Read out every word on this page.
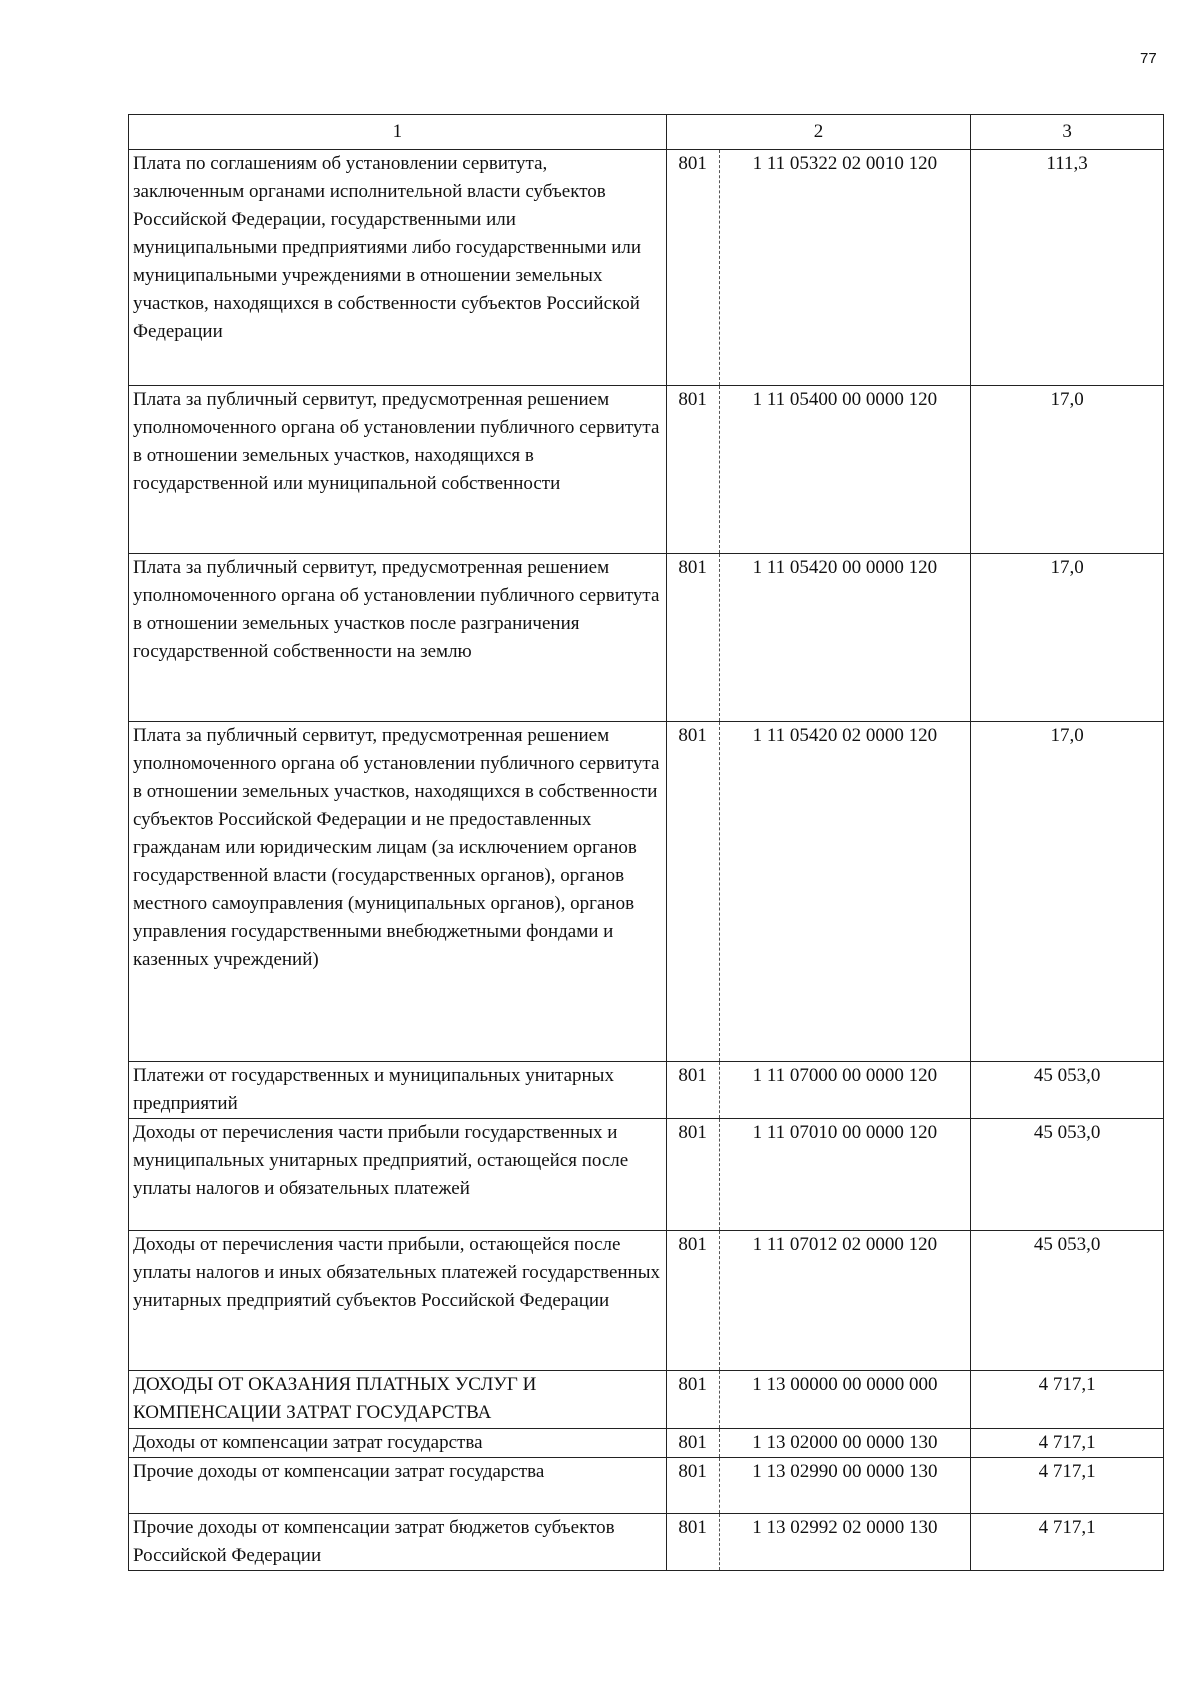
77
1	2		3
Плата по соглашениям об установлении сервитута, заключенным органами исполнительной власти субъектов Российской Федерации, государственными или муниципальными предприятиями либо государственными или муниципальными учреждениями в отношении земельных участков, находящихся в собственности субъектов Российской Федерации	801	1 11 05322 02 0010 120	111,3
Плата за публичный сервитут, предусмотренная решением уполномоченного органа об установлении публичного сервитута в отношении земельных участков, находящихся в государственной или муниципальной собственности	801	1 11 05400 00 0000 120	17,0
Плата за публичный сервитут, предусмотренная решением уполномоченного органа об установлении публичного сервитута в отношении земельных участков после разграничения государственной собственности на землю	801	1 11 05420 00 0000 120	17,0
Плата за публичный сервитут, предусмотренная решением уполномоченного органа об установлении публичного сервитута в отношении земельных участков, находящихся в собственности субъектов Российской Федерации и не предоставленных гражданам или юридическим лицам (за исключением органов государственной власти (государственных органов), органов местного самоуправления (муниципальных органов), органов управления государственными внебюджетными фондами и казенных учреждений)	801	1 11 05420 02 0000 120	17,0
Платежи от государственных и муниципальных унитарных предприятий	801	1 11 07000 00 0000 120	45 053,0
Доходы от перечисления части прибыли государственных и муниципальных унитарных предприятий, остающейся после уплаты налогов и обязательных платежей	801	1 11 07010 00 0000 120	45 053,0
Доходы от перечисления части прибыли, остающейся после уплаты налогов и иных обязательных платежей государственных унитарных предприятий субъектов Российской Федерации	801	1 11 07012 02 0000 120	45 053,0
ДОХОДЫ ОТ ОКАЗАНИЯ ПЛАТНЫХ УСЛУГ И КОМПЕНСАЦИИ ЗАТРАТ ГОСУДАРСТВА	801	1 13 00000 00 0000 000	4 717,1
Доходы от компенсации затрат государства	801	1 13 02000 00 0000 130	4 717,1
Прочие доходы от компенсации затрат государства	801	1 13 02990 00 0000 130	4 717,1
Прочие доходы от компенсации затрат бюджетов субъектов Российской Федерации	801	1 13 02992 02 0000 130	4 717,1
